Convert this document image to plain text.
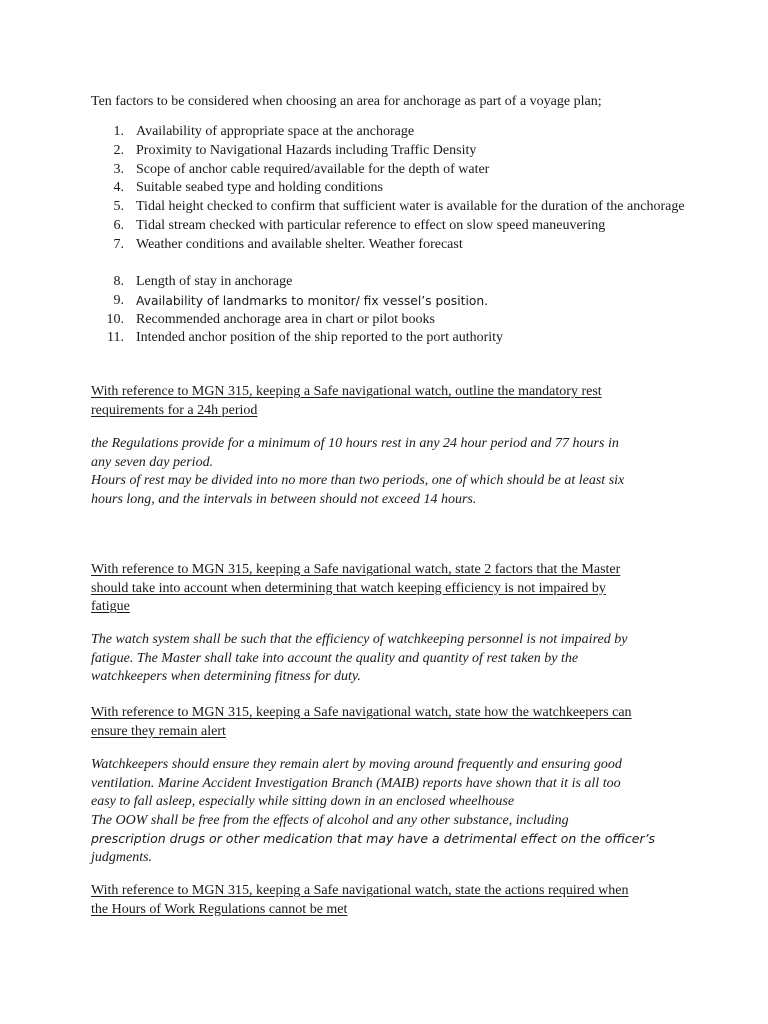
Ten factors to be considered when choosing an area for anchorage as part of a voyage plan;

1. Availability of appropriate space at the anchorage
2. Proximity to Navigational Hazards including Traffic Density
3. Scope of anchor cable required/available for the depth of water
4. Suitable seabed type and holding conditions
5. Tidal height checked to confirm that sufficient water is available for the duration of the anchorage
6. Tidal stream checked with particular reference to effect on slow speed maneuvering
7. Weather conditions and available shelter. Weather forecast
8. Length of stay in anchorage
9. Availability of landmarks to monitor/ fix vessel’s position.
10. Recommended anchorage area in chart or pilot books
11. Intended anchor position of the ship reported to the port authority

With reference to MGN 315, keeping a Safe navigational watch, outline the mandatory rest
requirements for a 24h period

the Regulations provide for a minimum of 10 hours rest in any 24 hour period and 77 hours in
any seven day period.
Hours of rest may be divided into no more than two periods, one of which should be at least six
hours long, and the intervals in between should not exceed 14 hours.

With reference to MGN 315, keeping a Safe navigational watch, state 2 factors that the Master
should take into account when determining that watch keeping efficiency is not impaired by
fatigue

The watch system shall be such that the efficiency of watchkeeping personnel is not impaired by
fatigue. The Master shall take into account the quality and quantity of rest taken by the
watchkeepers when determining fitness for duty.

With reference to MGN 315, keeping a Safe navigational watch, state how the watchkeepers can
ensure they remain alert

Watchkeepers should ensure they remain alert by moving around frequently and ensuring good
ventilation. Marine Accident Investigation Branch (MAIB) reports have shown that it is all too
easy to fall asleep, especially while sitting down in an enclosed wheelhouse
The OOW shall be free from the effects of alcohol and any other substance, including
prescription drugs or other medication that may have a detrimental effect on the officer’s
judgments.

With reference to MGN 315, keeping a Safe navigational watch, state the actions required when
the Hours of Work Regulations cannot be met
